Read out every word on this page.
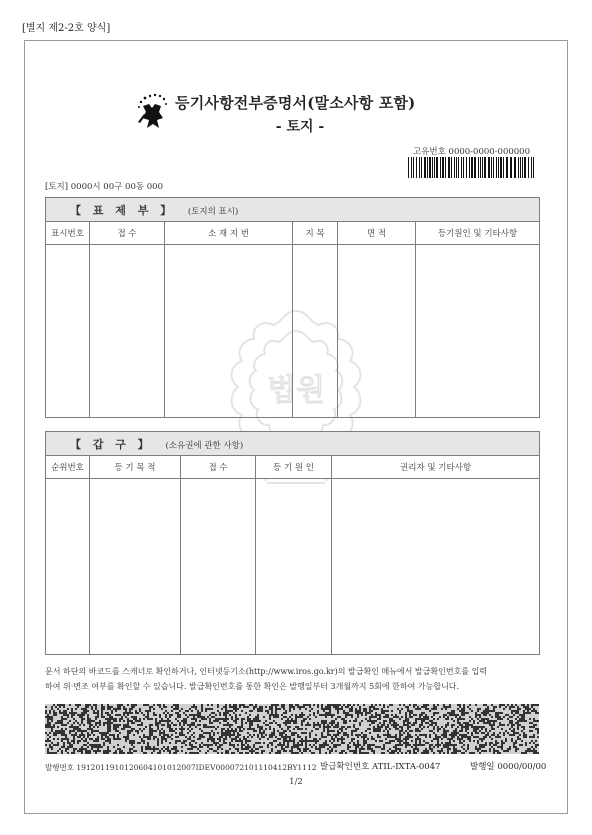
[별지 제2-2호 양식]
등기사항전부증명서(말소사항 포함)
- 토지 -
고유번호 0000-0000-000000
[토지] 0000시 00구 00동 000
법원
【 표 제 부 】 (토지의 표시)					
표시번호	접 수	소 재 지 번	지 목	면 적	등기원인 및 기타사항

【 갑 구 】 (소유권에 관한 사항)				
순위번호	등 기 목 적	접 수	등 기 원 인	권리자 및 기타사항

문서 하단의 바코드를 스캐너로 확인하거나, 인터넷등기소(http://www.iros.go.kr)의 발급확인 메뉴에서 발급확인번호를 입력
하여 위·변조 여부를 확인할 수 있습니다. 발급확인번호를 통한 확인은 발행일부터 3개월까지 5회에 한하여 가능합니다.
발행번호 1912011910120604101012007IDEV000072101110412BY1112 발급확인번호 ATIL-IXTA-0047	발행일 0000/00/00
1/2
